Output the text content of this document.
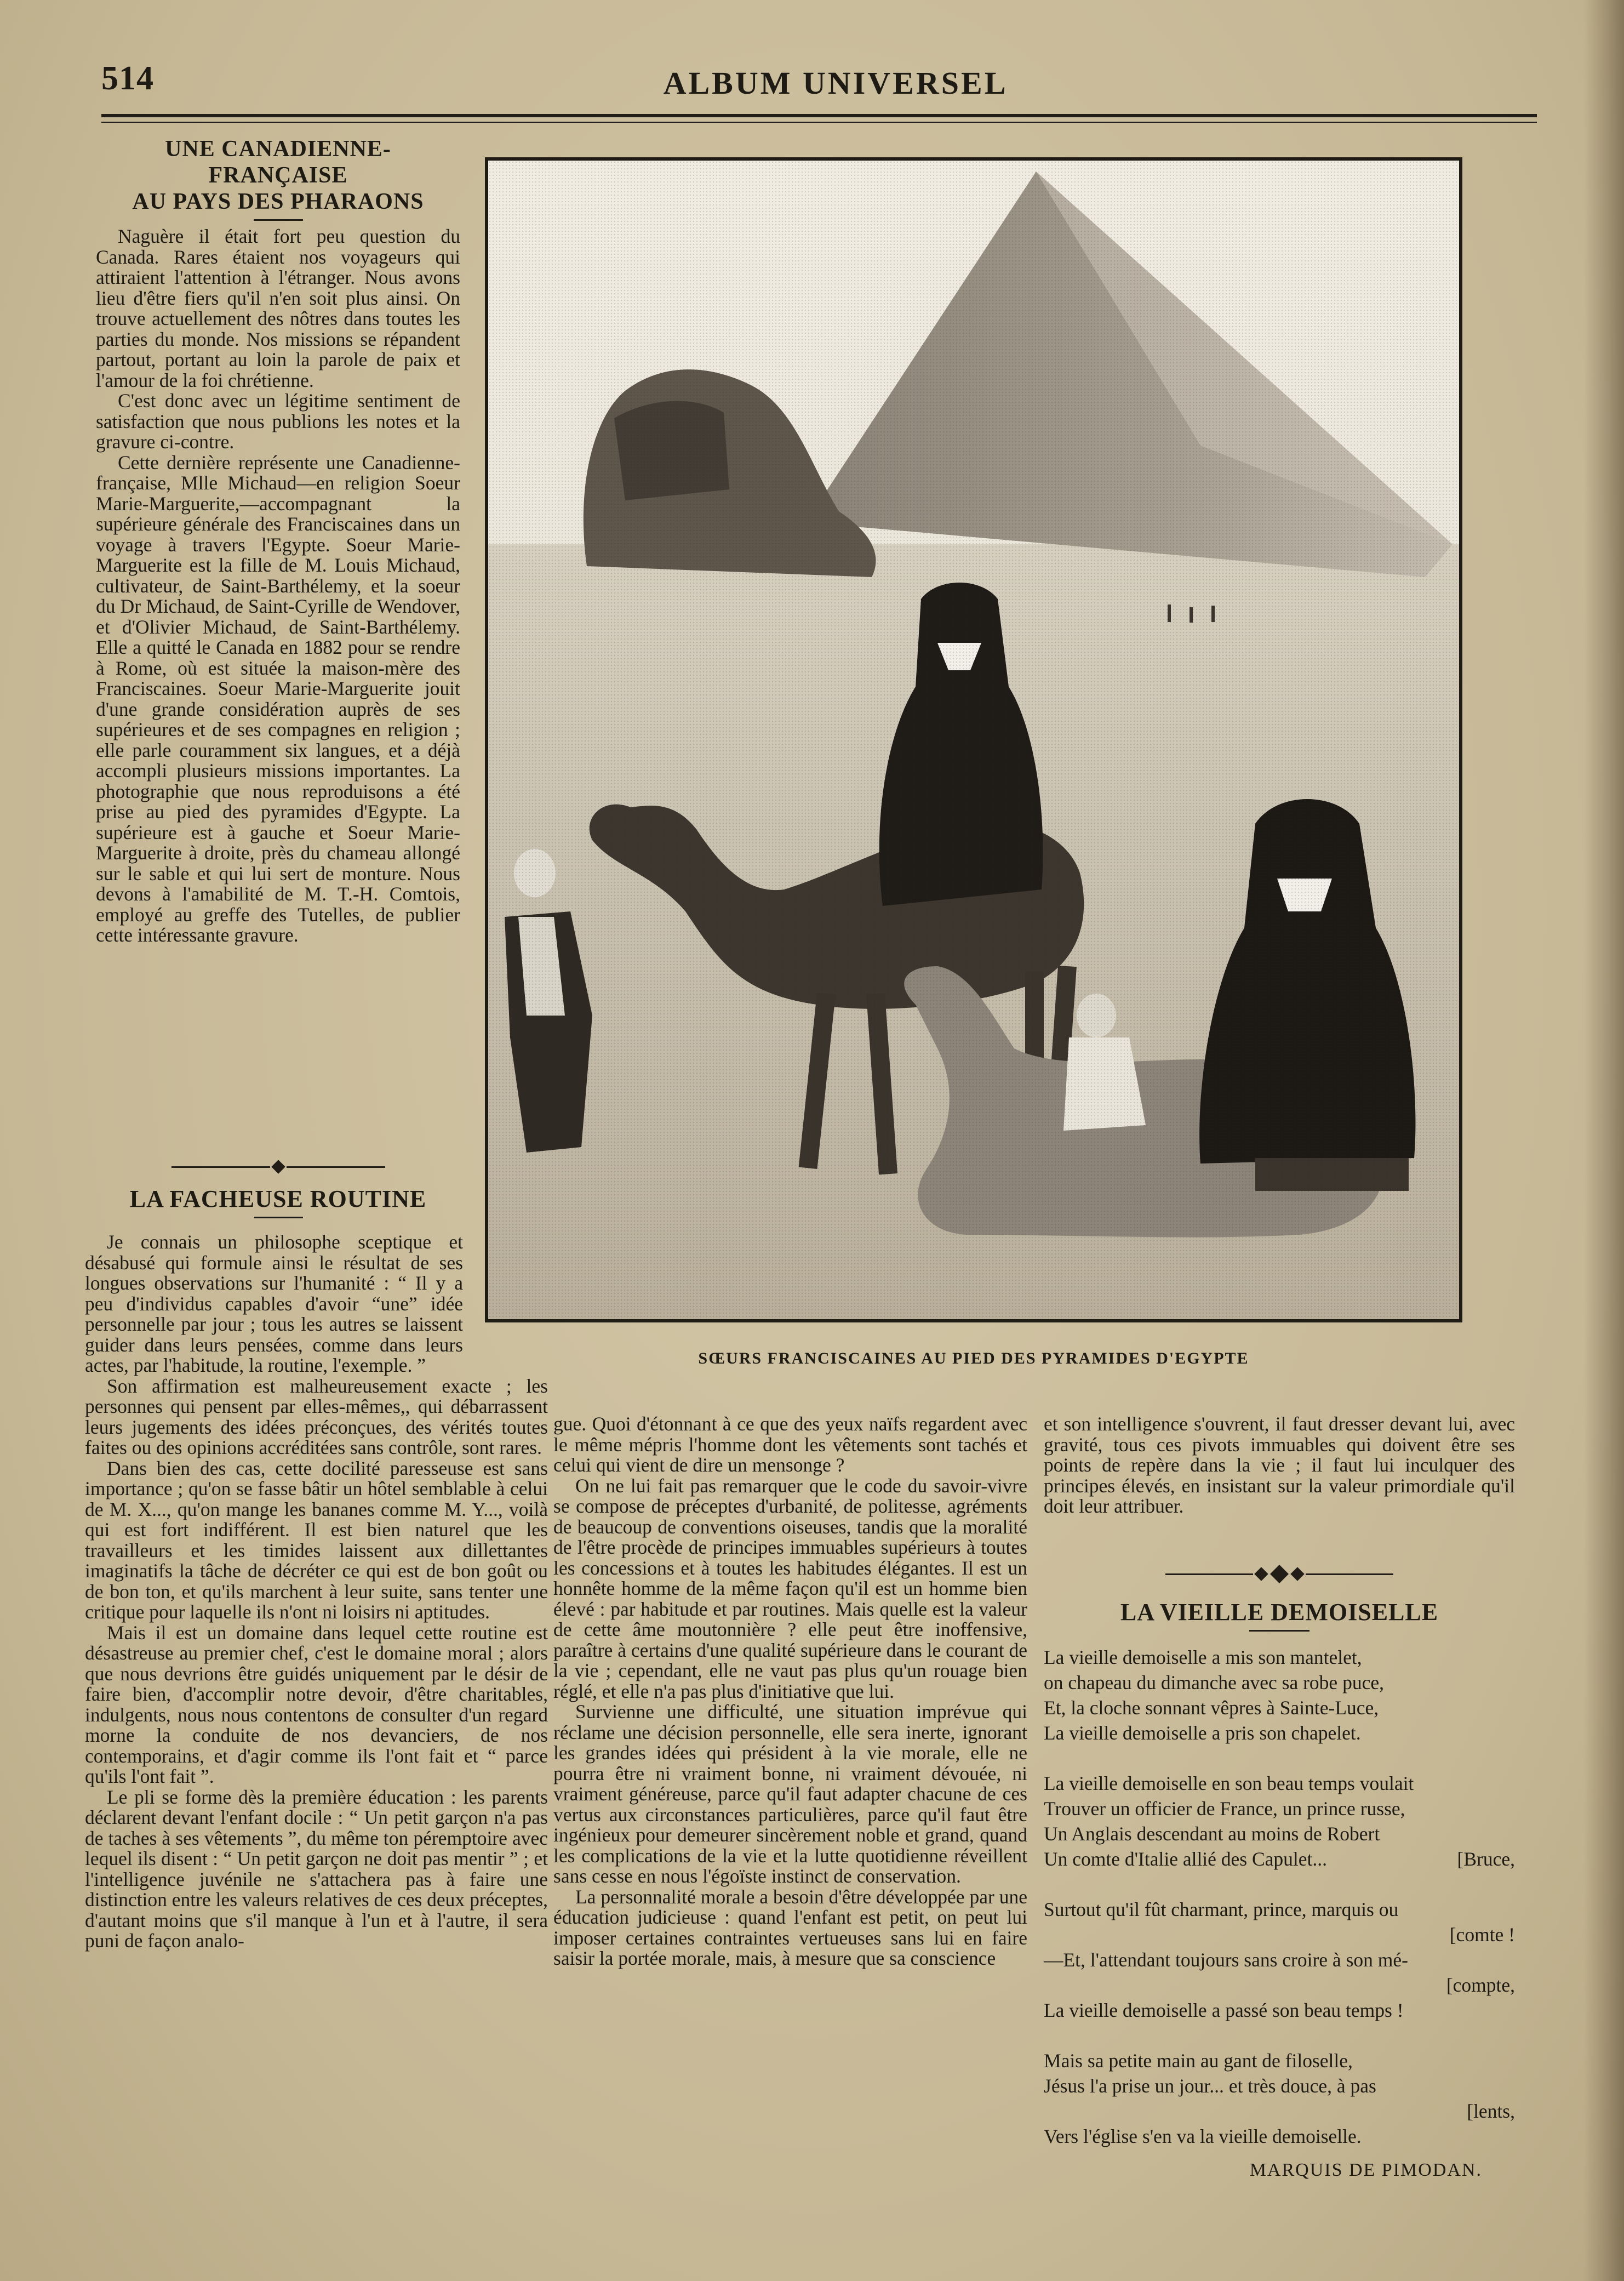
514	ALBUM UNIVERSEL
UNE CANADIENNE-FRANÇAISE
AU PAYS DES PHARAONS

Naguère il était fort peu question du Canada. Rares étaient nos voyageurs qui attiraient l'attention à l'étranger. Nous avons lieu d'être fiers qu'il n'en soit plus ainsi. On trouve actuellement des nôtres dans toutes les parties du monde. Nos missions se répandent partout, portant au loin la parole de paix et l'amour de la foi chrétienne.

C'est donc avec un légitime sentiment de satisfaction que nous publions les notes et la gravure ci-contre.

Cette dernière représente une Canadienne-française, Mlle Michaud—en religion Soeur Marie-Marguerite,—accompagnant la supérieure générale des Franciscaines dans un voyage à travers l'Egypte. Soeur Marie-Marguerite est la fille de M. Louis Michaud, cultivateur, de Saint-Barthélemy, et la soeur du Dr Michaud, de Saint-Cyrille de Wendover, et d'Olivier Michaud, de Saint-Barthélemy. Elle a quitté le Canada en 1882 pour se rendre à Rome, où est située la maison-mère des Franciscaines. Soeur Marie-Marguerite jouit d'une grande considération auprès de ses supérieures et de ses compagnes en religion ; elle parle couramment six langues, et a déjà accompli plusieurs missions importantes. La photographie que nous reproduisons a été prise au pied des pyramides d'Egypte. La supérieure est à gauche et Soeur Marie-Marguerite à droite, près du chameau allongé sur le sable et qui lui sert de monture. Nous devons à l'amabilité de M. T.-H. Comtois, employé au greffe des Tutelles, de publier cette intéressante gravure.

SŒURS FRANCISCAINES AU PIED DES PYRAMIDES D'EGYPTE
LA FACHEUSE ROUTINE

Je connais un philosophe sceptique et désabusé qui formule ainsi le résultat de ses longues observations sur l'humanité : “ Il y a peu d'individus capables d'avoir “une” idée personnelle par jour ; tous les autres se laissent guider dans leurs pensées, comme dans leurs actes, par l'habitude, la routine, l'exemple. ”

Son affirmation est malheureusement exacte ; les personnes qui pensent par elles-mêmes,, qui débarrassent leurs jugements des idées préconçues, des vérités toutes faites ou des opinions accréditées sans contrôle, sont rares.

Dans bien des cas, cette docilité paresseuse est sans importance ; qu'on se fasse bâtir un hôtel semblable à celui de M. X..., qu'on mange les bananes comme M. Y..., voilà qui est fort indifférent. Il est bien naturel que les travailleurs et les timides laissent aux dillettantes imaginatifs la tâche de décréter ce qui est de bon goût ou de bon ton, et qu'ils marchent à leur suite, sans tenter une critique pour laquelle ils n'ont ni loisirs ni aptitudes.

Mais il est un domaine dans lequel cette routine est désastreuse au premier chef, c'est le domaine moral ; alors que nous devrions être guidés uniquement par le désir de faire bien, d'accomplir notre devoir, d'être charitables, indulgents, nous nous contentons de consulter d'un regard morne la conduite de nos devanciers, de nos contemporains, et d'agir comme ils l'ont fait et “ parce qu'ils l'ont fait ”.

Le pli se forme dès la première éducation : les parents déclarent devant l'enfant docile : “ Un petit garçon n'a pas de taches à ses vêtements ”, du même ton péremptoire avec lequel ils disent : “ Un petit garçon ne doit pas mentir ” ; et l'intelligence juvénile ne s'attachera pas à faire une distinction entre les valeurs relatives de ces deux préceptes, d'autant moins que s'il manque à l'un et à l'autre, il sera puni de façon analo-

gue. Quoi d'étonnant à ce que des yeux naïfs regardent avec le même mépris l'homme dont les vêtements sont tachés et celui qui vient de dire un mensonge ?

On ne lui fait pas remarquer que le code du savoir-vivre se compose de préceptes d'urbanité, de politesse, agréments de beaucoup de conventions oiseuses, tandis que la moralité de l'être procède de principes immuables supérieurs à toutes les concessions et à toutes les habitudes élégantes. Il est un honnête homme de la même façon qu'il est un homme bien élevé : par habitude et par routines. Mais quelle est la valeur de cette âme moutonnière ? elle peut être inoffensive, paraître à certains d'une qualité supérieure dans le courant de la vie ; cependant, elle ne vaut pas plus qu'un rouage bien réglé, et elle n'a pas plus d'initiative que lui.

Survienne une difficulté, une situation imprévue qui réclame une décision personnelle, elle sera inerte, ignorant les grandes idées qui président à la vie morale, elle ne pourra être ni vraiment bonne, ni vraiment dévouée, ni vraiment généreuse, parce qu'il faut adapter chacune de ces vertus aux circonstances particulières, parce qu'il faut être ingénieux pour demeurer sincèrement noble et grand, quand les complications de la vie et la lutte quotidienne réveillent sans cesse en nous l'égoïste instinct de conservation.

La personnalité morale a besoin d'être développée par une éducation judicieuse : quand l'enfant est petit, on peut lui imposer certaines contraintes vertueuses sans lui en faire saisir la portée morale, mais, à mesure que sa conscience

et son intelligence s'ouvrent, il faut dresser devant lui, avec gravité, tous ces pivots immuables qui doivent être ses points de repère dans la vie ; il faut lui inculquer des principes élevés, en insistant sur la valeur primordiale qu'il doit leur attribuer.

LA VIEILLE DEMOISELLE
La vieille demoiselle a mis son mantelet,
on chapeau du dimanche avec sa robe puce,
Et, la cloche sonnant vêpres à Sainte-Luce,
La vieille demoiselle a pris son chapelet.
La vieille demoiselle en son beau temps voulait
Trouver un officier de France, un prince russe,
Un Anglais descendant au moins de Robert
Un comte d'Italie allié des Capulet...	[Bruce,
Surtout qu'il fût charmant, prince, marquis ou
[comte !
—Et, l'attendant toujours sans croire à son mé-
[compte,
La vieille demoiselle a passé son beau temps !
Mais sa petite main au gant de filoselle,
Jésus l'a prise un jour... et très douce, à pas
[lents,
Vers l'église s'en va la vieille demoiselle.
MARQUIS DE PIMODAN.
